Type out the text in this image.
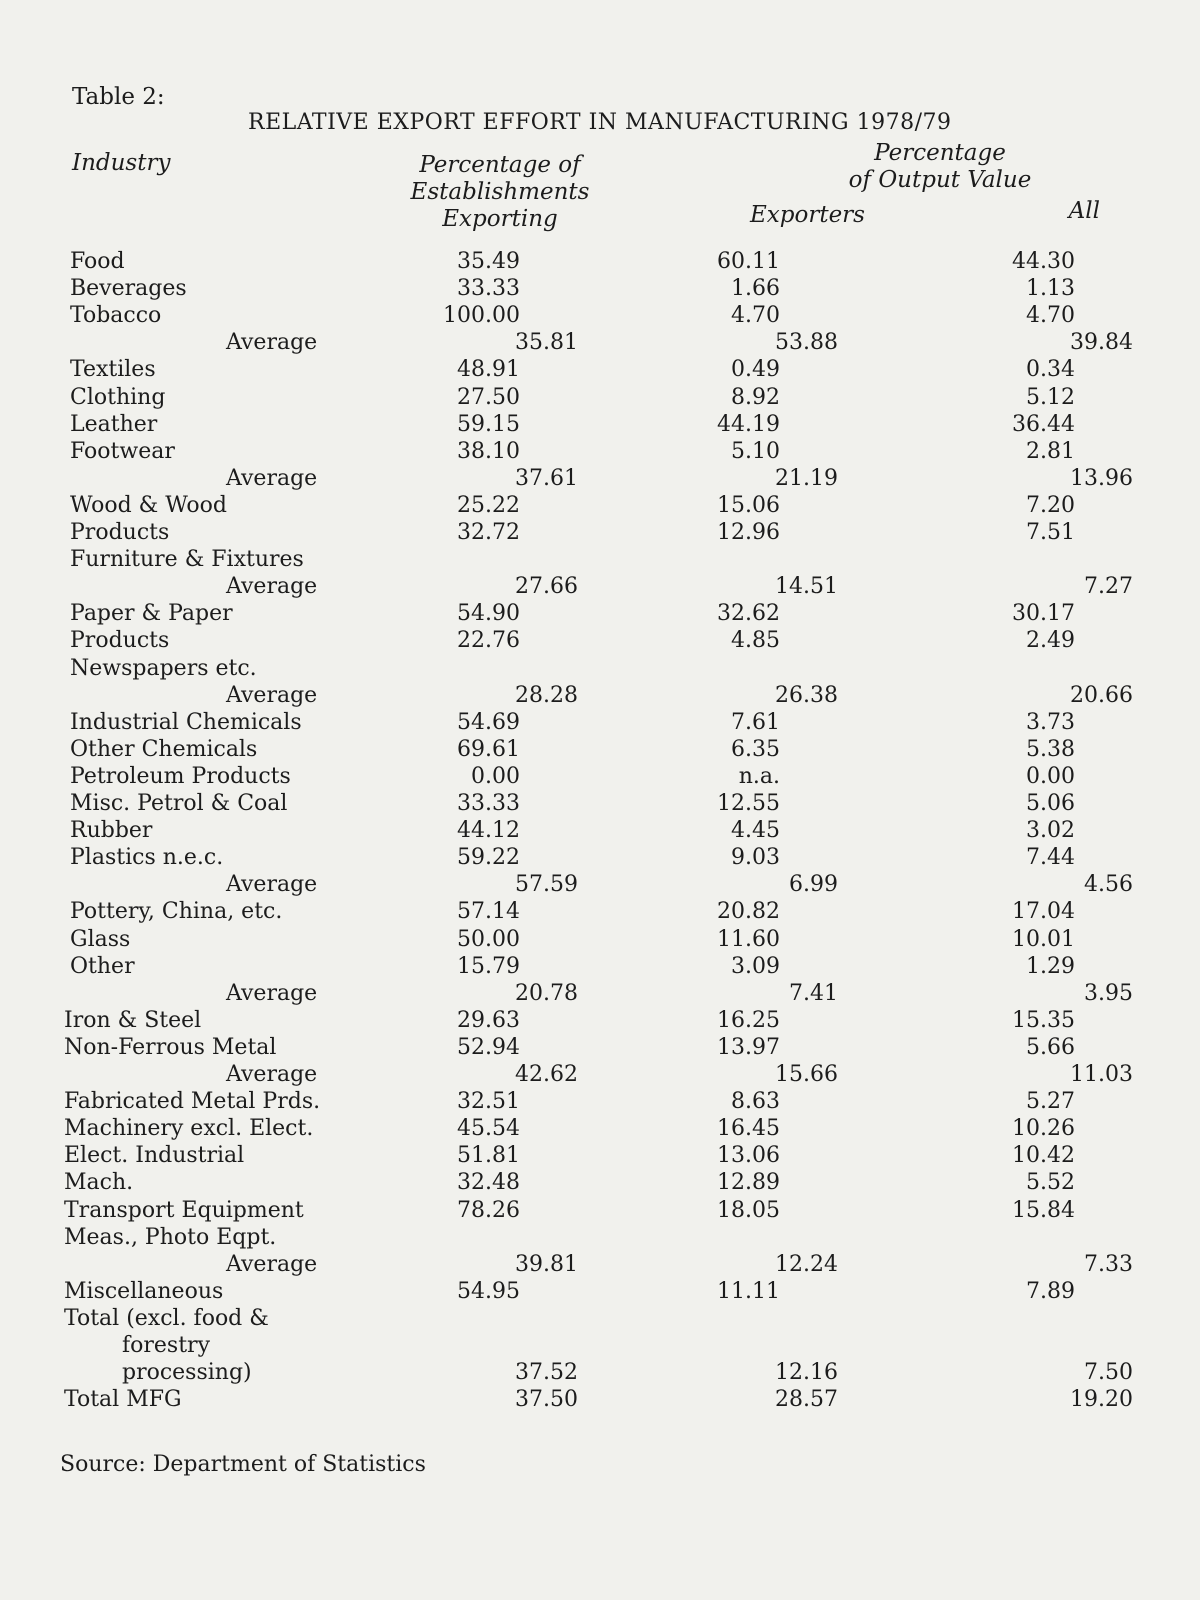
Table 2:
RELATIVE EXPORT EFFORT IN MANUFACTURING 1978/79
Industry	Percentage of
Establishments
Exporting
Percentage
of Output Value
Exporters	All
Food	35.49	60.11	44.30
Beverages	33.33	1.66	1.13
Tobacco	100.00	4.70	4.70
Average	35.81	53.88	39.84
Textiles	48.91	0.49	0.34
Clothing	27.50	8.92	5.12
Leather	59.15	44.19	36.44
Footwear	38.10	5.10	2.81
Average	37.61	21.19	13.96
Wood & Wood	25.22	15.06	7.20
Products	32.72	12.96	7.51
Furniture & Fixtures
Average	27.66	14.51	7.27
Paper & Paper	54.90	32.62	30.17
Products	22.76	4.85	2.49
Newspapers etc.
Average	28.28	26.38	20.66
Industrial Chemicals	54.69	7.61	3.73
Other Chemicals	69.61	6.35	5.38
Petroleum Products	0.00	n.a.	0.00
Misc. Petrol & Coal	33.33	12.55	5.06
Rubber	44.12	4.45	3.02
Plastics n.e.c.	59.22	9.03	7.44
Average	57.59	6.99	4.56
Pottery, China, etc.	57.14	20.82	17.04
Glass	50.00	11.60	10.01
Other	15.79	3.09	1.29
Average	20.78	7.41	3.95
Iron & Steel	29.63	16.25	15.35
Non-Ferrous Metal	52.94	13.97	5.66
Average	42.62	15.66	11.03
Fabricated Metal Prds.	32.51	8.63	5.27
Machinery excl. Elect.	45.54	16.45	10.26
Elect. Industrial	51.81	13.06	10.42
Mach.	32.48	12.89	5.52
Transport Equipment	78.26	18.05	15.84
Meas., Photo Eqpt.
Average	39.81	12.24	7.33
Miscellaneous	54.95	11.11	7.89
Total (excl. food &
forestry
processing)	37.52	12.16	7.50
Total MFG	37.50	28.57	19.20
Source: Department of Statistics
